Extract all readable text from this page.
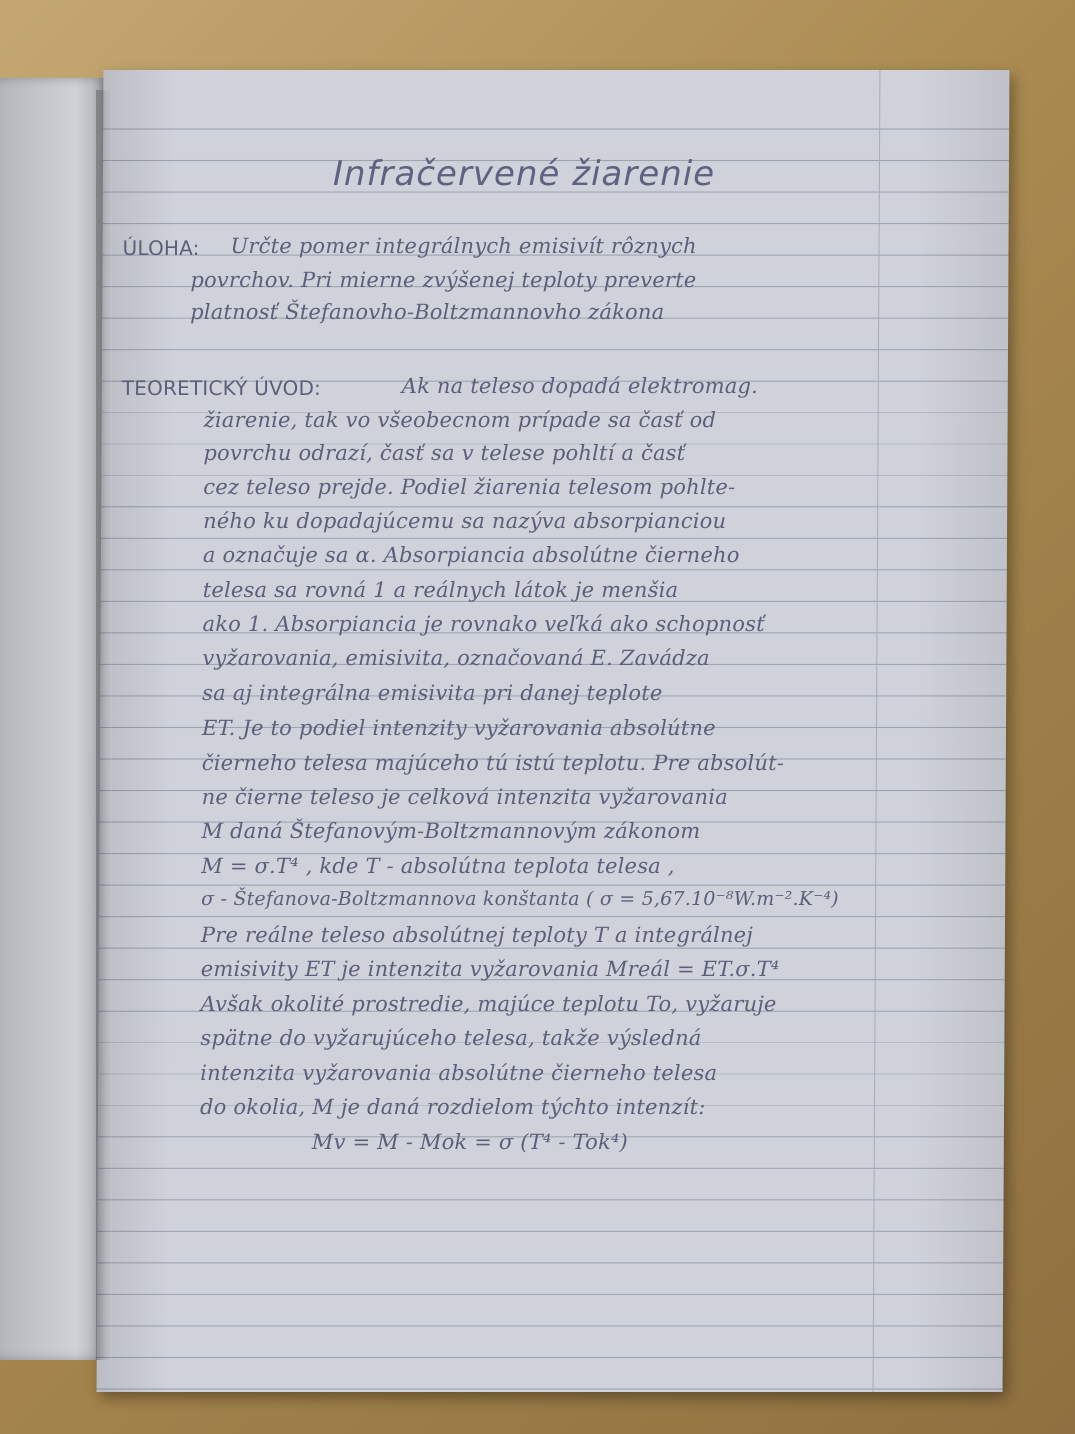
Infračervené žiarenie
ÚLOHA: Určte pomer integrálnych emisivít rôznych
povrchov. Pri mierne zvýšenej teploty preverte
platnosť Štefanovho-Boltzmannovho zákona
TEORETICKÝ ÚVOD:	Ak na teleso dopadá elektromag.
žiarenie, tak vo všeobecnom prípade sa časť od
povrchu odrazí, časť sa v telese pohltí a časť
cez teleso prejde. Podiel žiarenia telesom pohlte-
ného ku dopadajúcemu sa nazýva absorpianciou
a označuje sa α. Absorpiancia absolútne čierneho
telesa sa rovná 1 a reálnych látok je menšia
ako 1. Absorpiancia je rovnako veľká ako schopnosť
vyžarovania, emisivita, označovaná E. Zavádza
sa aj integrálna emisivita pri danej teplote
ET. Je to podiel intenzity vyžarovania absolútne
čierneho telesa majúceho tú istú teplotu. Pre absolút-
ne čierne teleso je celková intenzita vyžarovania
M daná Štefanovým-Boltzmannovým zákonom
M = σ.T⁴ , kde T - absolútna teplota telesa ,
σ - Štefanova-Boltzmannova konštanta ( σ = 5,67.10⁻⁸W.m⁻².K⁻⁴)
Pre reálne teleso absolútnej teploty T a integrálnej
emisivity ET je intenzita vyžarovania Mreál = ET.σ.T⁴
Avšak okolité prostredie, majúce teplotu To, vyžaruje
spätne do vyžarujúceho telesa, takže výsledná
intenzita vyžarovania absolútne čierneho telesa
do okolia, M je daná rozdielom týchto intenzít:
Mv = M - Mok = σ (T⁴ - Tok⁴)
